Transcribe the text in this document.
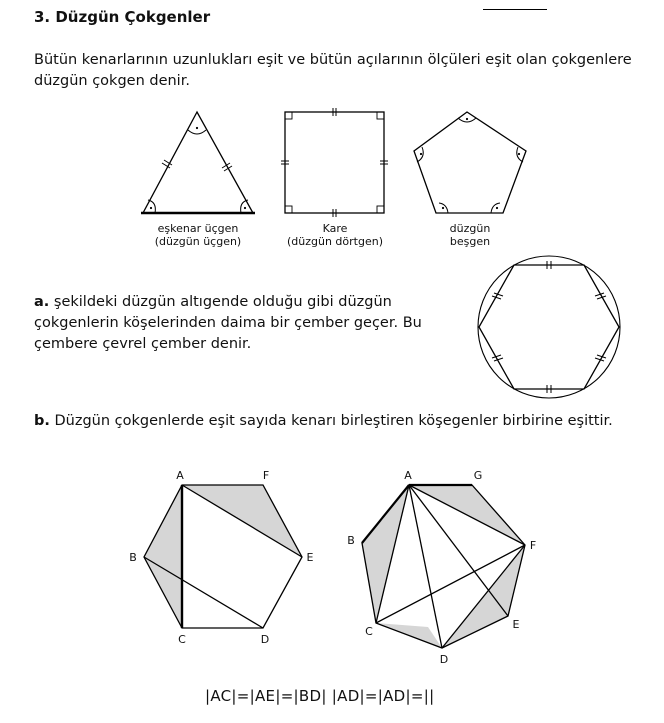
3. Düzgün Çokgenler

Bütün kenarlarının uzunlukları eşit ve bütün açılarının ölçüleri eşit olan çokgenlere düzgün çokgen denir.

eşkenar üçgen
(düzgün üçgen)
Kare
(düzgün dörtgen)
düzgün
beşgen

a. şekildeki düzgün altıgende olduğu gibi düzgün çokgenlerin köşelerinden daima bir çember geçer. Bu çembere çevrel çember denir.

b. Düzgün çokgenlerde eşit sayıda kenarı birleştiren köşegenler birbirine eşittir.

A	F
E
D
C
B
A	G
F
E
D
C
B

|AC|=|AE|=|BD| |AD|=|AD|=||
